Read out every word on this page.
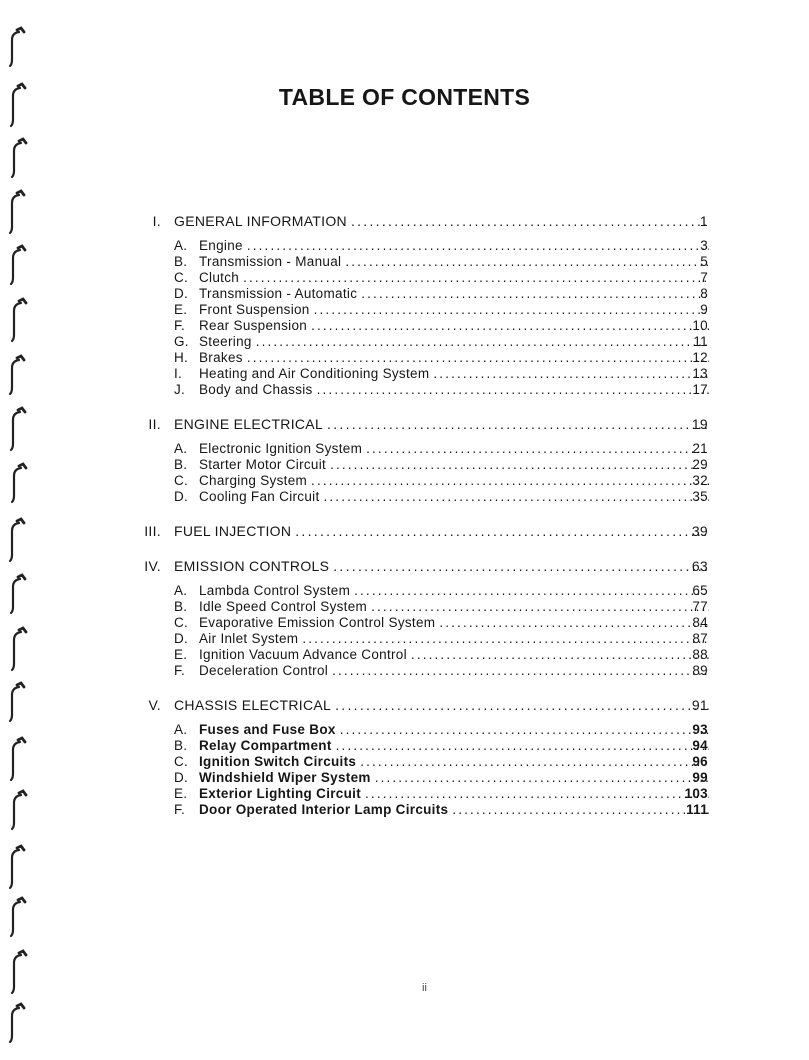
TABLE OF CONTENTS
I. GENERAL INFORMATION . . .	1
A. Engine . . .	3
B. Transmission - Manual . . .	5
C. Clutch . . .	7
D. Transmission - Automatic . . .	8
E. Front Suspension . . .	9
F.	Rear Suspension . . .	10
G. Steering . . .	11
H. Brakes . . .	12
I.	Heating and Air Conditioning System . . .	13
J.	Body and Chassis . . .	17
II. ENGINE ELECTRICAL . . .	19
A. Electronic Ignition System . . .	21
B. Starter Motor Circuit . . .	29
C. Charging System . . .	32
D. Cooling Fan Circuit . . .	35
III. FUEL INJECTION . . .	39
IV. EMISSION CONTROLS . . .	63
A. Lambda Control System . . .	65
B. Idle Speed Control System . . .	77
C. Evaporative Emission Control System . . .	84
D. Air Inlet System . . .	87
E. Ignition Vacuum Advance Control . . .	88
F.	Deceleration Control . . .	89
V. CHASSIS ELECTRICAL . . .	91
A. Fuses and Fuse Box . . .	93
B. Relay Compartment . . .	94
C. Ignition Switch Circuits . . .	96
D. Windshield Wiper System . . .	99
E. Exterior Lighting Circuit . . .	103
F.	Door Operated Interior Lamp Circuits . . .	111
ii
